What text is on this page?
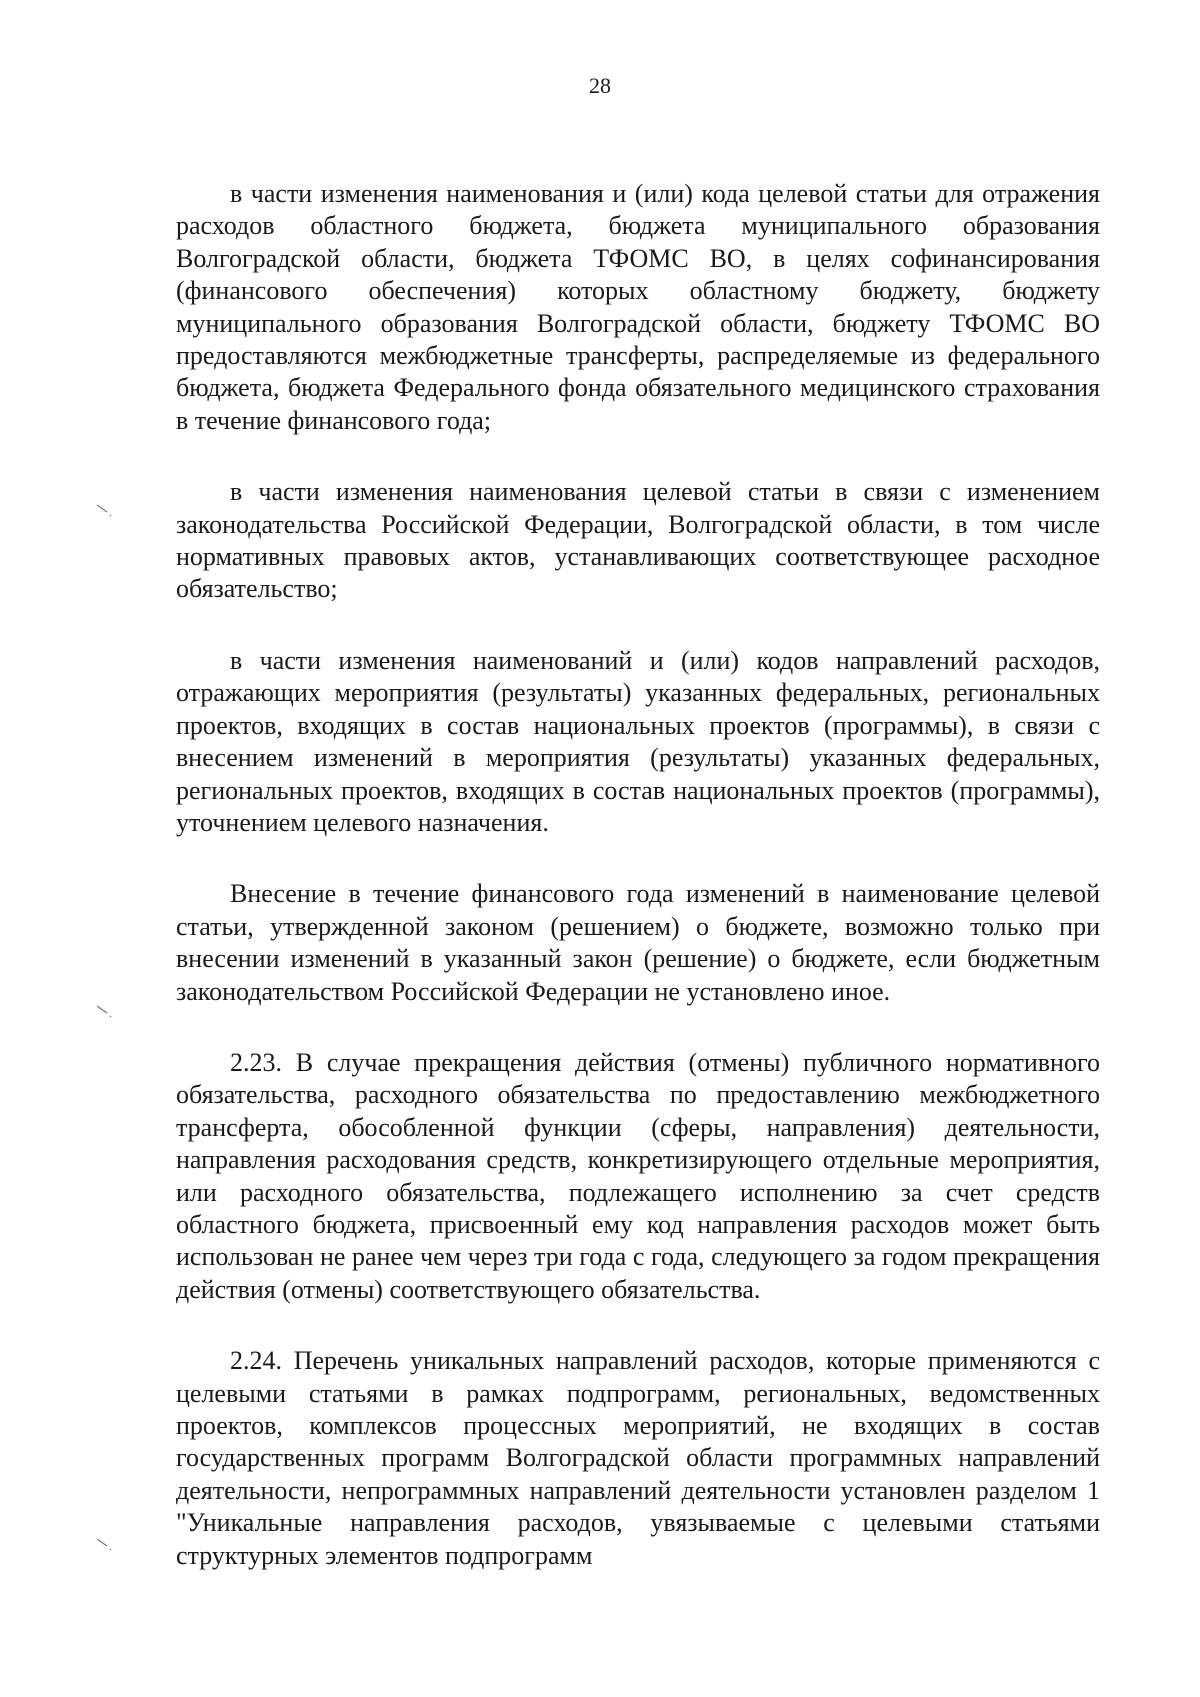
28

в части изменения наименования и (или) кода целевой статьи для отражения расходов областного бюджета, бюджета муниципального образования Волгоградской области, бюджета ТФОМС ВО, в целях софинансирования (финансового обеспечения) которых областному бюджету, бюджету муниципального образования Волгоградской области, бюджету ТФОМС ВО предоставляются межбюджетные трансферты, распределяемые из федерального бюджета, бюджета Федерального фонда обязательного медицинского страхования в течение финансового года;

в части изменения наименования целевой статьи в связи с изменением законодательства Российской Федерации, Волгоградской области, в том числе нормативных правовых актов, устанавливающих соответствующее расходное обязательство;

в части изменения наименований и (или) кодов направлений расходов, отражающих мероприятия (результаты) указанных федеральных, региональных проектов, входящих в состав национальных проектов (программы), в связи с внесением изменений в мероприятия (результаты) указанных федеральных, региональных проектов, входящих в состав национальных проектов (программы), уточнением целевого назначения.

Внесение в течение финансового года изменений в наименование целевой статьи, утвержденной законом (решением) о бюджете, возможно только при внесении изменений в указанный закон (решение) о бюджете, если бюджетным законодательством Российской Федерации не установлено иное.

2.23. В случае прекращения действия (отмены) публичного нормативного обязательства, расходного обязательства по предоставлению межбюджетного трансферта, обособленной функции (сферы, направления) деятельности, направления расходования средств, конкретизирующего отдельные мероприятия, или расходного обязательства, подлежащего исполнению за счет средств областного бюджета, присвоенный ему код направления расходов может быть использован не ранее чем через три года с года, следующего за годом прекращения действия (отмены) соответствующего обязательства.

2.24. Перечень уникальных направлений расходов, которые применяются с целевыми статьями в рамках подпрограмм, региональных, ведомственных проектов, комплексов процессных мероприятий, не входящих в состав государственных программ Волгоградской области программных направлений деятельности, непрограммных направлений деятельности установлен разделом 1 "Уникальные направления расходов, увязываемые с целевыми статьями структурных элементов подпрограмм
